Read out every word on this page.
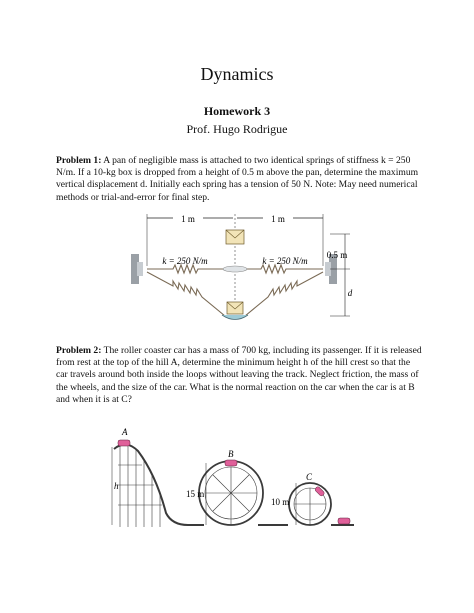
Dynamics
Homework 3
Prof. Hugo Rodrigue
Problem 1: A pan of negligible mass is attached to two identical springs of stiffness k = 250 N/m. If a 10-kg box is dropped from a height of 0.5 m above the pan, determine the maximum vertical displacement d. Initially each spring has a tension of 50 N. Note: May need numerical methods or trial-and-error for final step.
1 m	1 m
k = 250 N/m	k = 250 N/m
0.5 m
d
Problem 2: The roller coaster car has a mass of 700 kg, including its passenger. If it is released from rest at the top of the hill A, determine the minimum height h of the hill crest so that the car travels around both inside the loops without leaving the track. Neglect friction, the mass of the wheels, and the size of the car. What is the normal reaction on the car when the car is at B and when it is at C?
h
A
B
15 m
C
10 m
